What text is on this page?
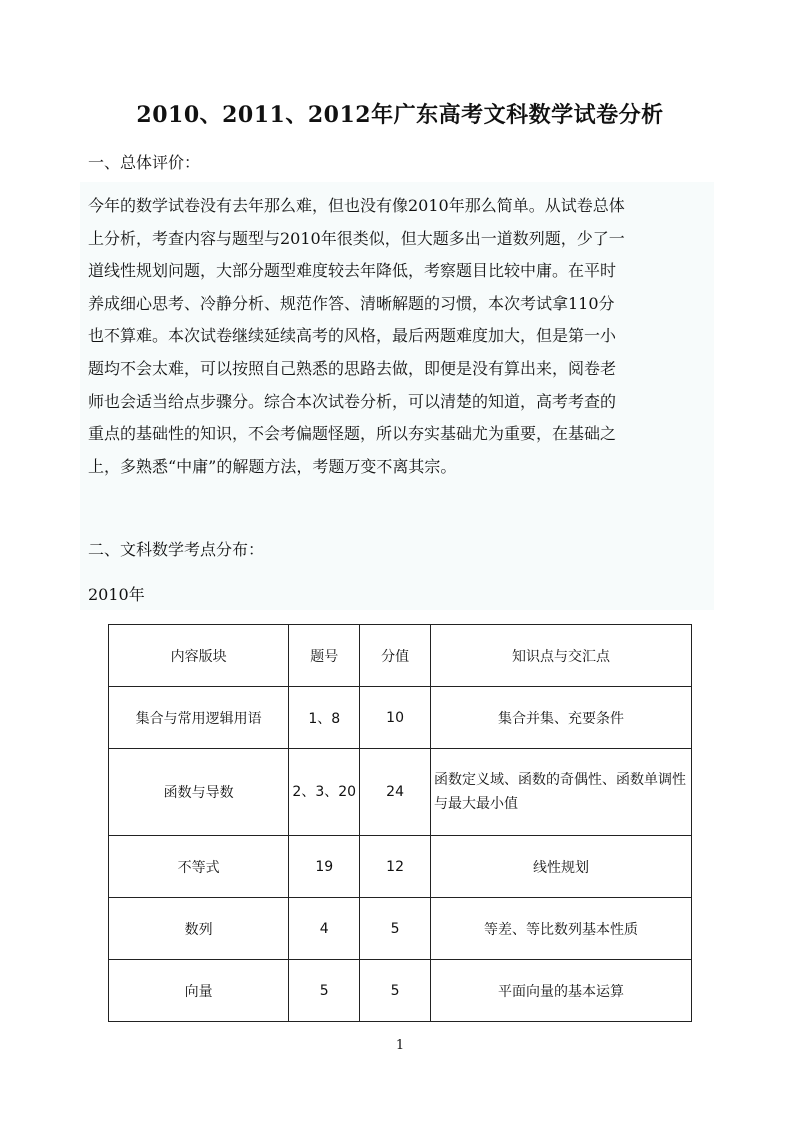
2010、2011、2012年广东高考文科数学试卷分析
一、总体评价：
今年的数学试卷没有去年那么难，但也没有像2010年那么简单。从试卷总体
上分析，考查内容与题型与2010年很类似，但大题多出一道数列题，少了一
道线性规划问题，大部分题型难度较去年降低，考察题目比较中庸。在平时
养成细心思考、冷静分析、规范作答、清晰解题的习惯，本次考试拿110分
也不算难。本次试卷继续延续高考的风格，最后两题难度加大，但是第一小
题均不会太难，可以按照自己熟悉的思路去做，即便是没有算出来，阅卷老
师也会适当给点步骤分。综合本次试卷分析，可以清楚的知道，高考考查的
重点的基础性的知识，不会考偏题怪题，所以夯实基础尤为重要，在基础之
上，多熟悉“中庸”的解题方法，考题万变不离其宗。
二、文科数学考点分布：
2010年
内容版块	题号	分值	知识点与交汇点
集合与常用逻辑用语	1、8	10	集合并集、充要条件
函数与导数	2、3、20	24	函数定义域、函数的奇偶性、函数单调性与最大最小值
不等式	19	12	线性规划
数列	4	5	等差、等比数列基本性质
向量	5	5	平面向量的基本运算
1
